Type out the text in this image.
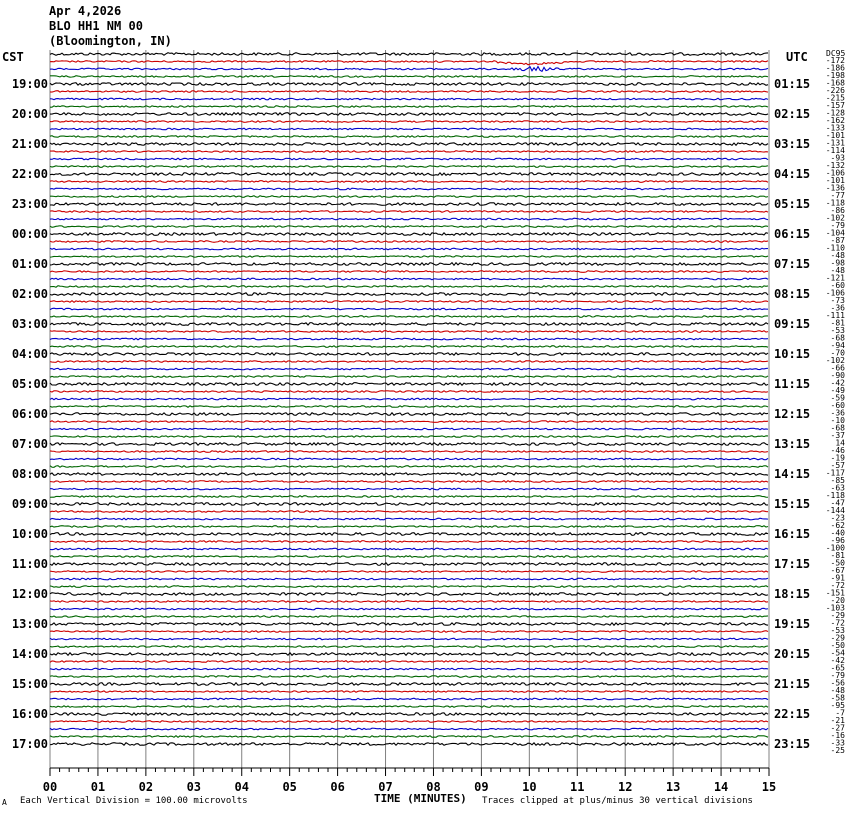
Apr 4,2026
BLO HH1 NM 00
(Bloomington, IN)
CST	UTC
00	01	02	03	04	05	06	07	08	09	10	11	12	13	14	15
DC95
-172
-186
-198
-168
-226
-215
-157
-128
-162
-133
-101
-131
-114
-93
-132
-106
-101
-136
-77
-118
-86
-102
-79
-104
-87
-110
-48
-98
-48
-121
-60
-106
-73
-36
-111
-81
-53
-68
-94
-70
-102
-66
-90
-42
-49
-59
-60
-36
-10
-68
-37
14
-46
-19
-57
-117
-85
-63
-118
-47
-144
-23
-62
-40
-96
-100
-81
-50
-67
-91
-72
-151
-20
-103
-29
-72
-53
-29
-50
-54
-42
-65
-79
-56
-48
-58
-95
-7
-21
-27
-16
-33
-25
19:00
20:00
21:00
22:00
23:00
00:00
01:00
02:00
03:00
04:00
05:00
06:00
07:00
08:00
09:00
10:00
11:00
12:00
13:00
14:00
15:00
16:00
17:00
01:15
02:15
03:15
04:15
05:15
06:15
07:15
08:15
09:15
10:15
11:15
12:15
13:15
14:15
15:15
16:15
17:15
18:15
19:15
20:15
21:15
22:15
23:15
A Each Vertical Division = 100.00 microvolts	TIME (MINUTES) Traces clipped at plus/minus 30 vertical divisions
